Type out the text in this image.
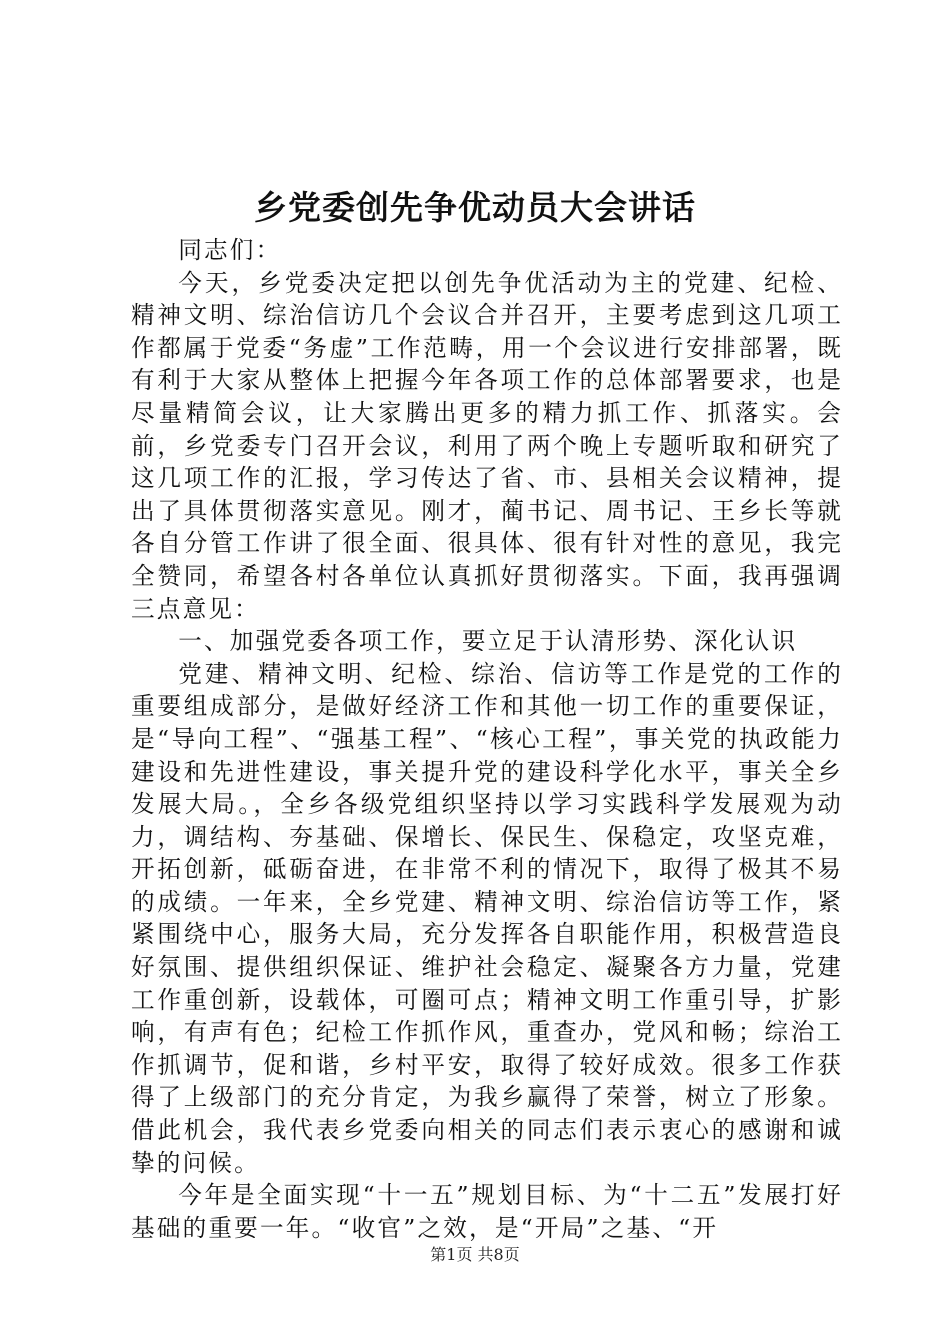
乡党委创先争优动员大会讲话

同志们：

今天，乡党委决定把以创先争优活动为主的党建、纪检、精神文明、综治信访几个会议合并召开，主要考虑到这几项工作都属于党委“务虚”工作范畴，用一个会议进行安排部署，既有利于大家从整体上把握今年各项工作的总体部署要求，也是尽量精简会议，让大家腾出更多的精力抓工作、抓落实。会前，乡党委专门召开会议，利用了两个晚上专题听取和研究了这几项工作的汇报，学习传达了省、市、县相关会议精神，提出了具体贯彻落实意见。刚才，蔺书记、周书记、王乡长等就各自分管工作讲了很全面、很具体、很有针对性的意见，我完全赞同，希望各村各单位认真抓好贯彻落实。下面，我再强调三点意见：

一、加强党委各项工作，要立足于认清形势、深化认识

党建、精神文明、纪检、综治、信访等工作是党的工作的重要组成部分，是做好经济工作和其他一切工作的重要保证，是“导向工程”、“强基工程”、“核心工程”，事关党的执政能力建设和先进性建设，事关提升党的建设科学化水平，事关全乡发展大局。，全乡各级党组织坚持以学习实践科学发展观为动力，调结构、夯基础、保增长、保民生、保稳定，攻坚克难，开拓创新，砥砺奋进，在非常不利的情况下，取得了极其不易的成绩。一年来，全乡党建、精神文明、综治信访等工作，紧紧围绕中心，服务大局，充分发挥各自职能作用，积极营造良好氛围、提供组织保证、维护社会稳定、凝聚各方力量，党建工作重创新，设载体，可圈可点；精神文明工作重引导，扩影响，有声有色；纪检工作抓作风，重查办，党风和畅；综治工作抓调节，促和谐，乡村平安，取得了较好成效。很多工作获得了上级部门的充分肯定，为我乡赢得了荣誉，树立了形象。借此机会，我代表乡党委向相关的同志们表示衷心的感谢和诚挚的问候。

今年是全面实现“十一五”规划目标、为“十二五”发展打好基础的重要一年。“收官”之效，是“开局”之基、“开

第1页 共8页
